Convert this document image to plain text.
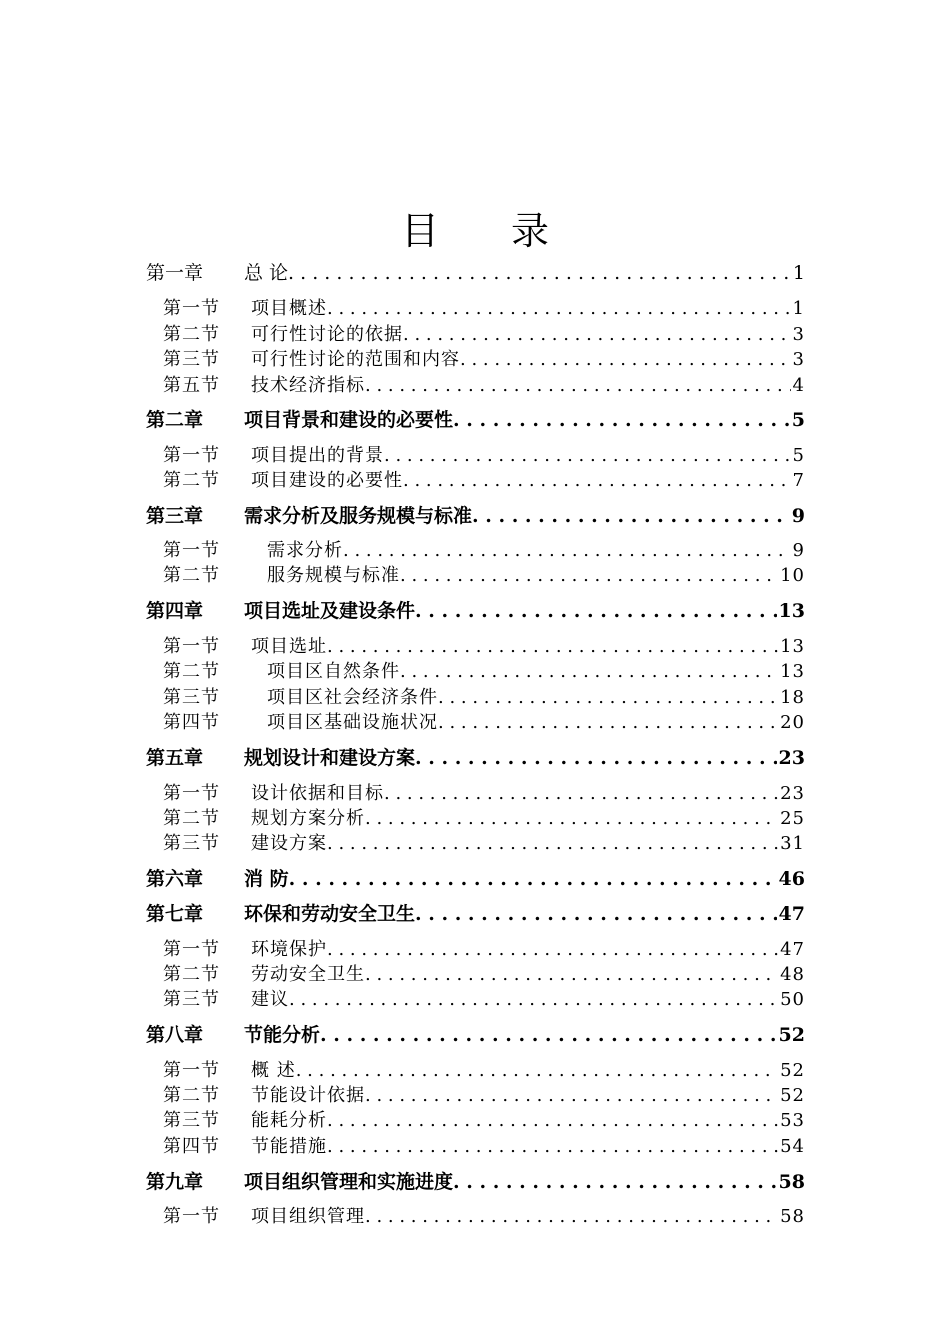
目 录
第一章	总 论 . . .	1
第一节	项目概述 . . .	1
第二节	可行性讨论的依据 . . .	3
第三节	可行性讨论的范围和内容 . . .	3
第五节	技术经济指标 . . .	4
第二章	项目背景和建设的必要性 . . .	5
第一节	项目提出的背景 . . .	5
第二节	项目建设的必要性 . . .	7
第三章	需求分析及服务规模与标准 . . .	9
第一节	需求分析 . . .	9
第二节	服务规模与标准 . . .	10
第四章	项目选址及建设条件 . . .	13
第一节	项目选址 . . .	13
第二节	项目区自然条件 . . .	13
第三节	项目区社会经济条件 . . .	18
第四节	项目区基础设施状况 . . .	20
第五章	规划设计和建设方案 . . .	23
第一节	设计依据和目标 . . .	23
第二节	规划方案分析 . . .	25
第三节	建设方案 . . .	31
第六章	消 防 . . .	46
第七章	环保和劳动安全卫生 . . .	47
第一节	环境保护 . . .	47
第二节	劳动安全卫生 . . .	48
第三节	建议 . . .	50
第八章	节能分析 . . .	52
第一节	概 述 . . .	52
第二节	节能设计依据 . . .	52
第三节	能耗分析 . . .	53
第四节	节能措施 . . .	54
第九章	项目组织管理和实施进度 . . .	58
第一节	项目组织管理 . . .	58
